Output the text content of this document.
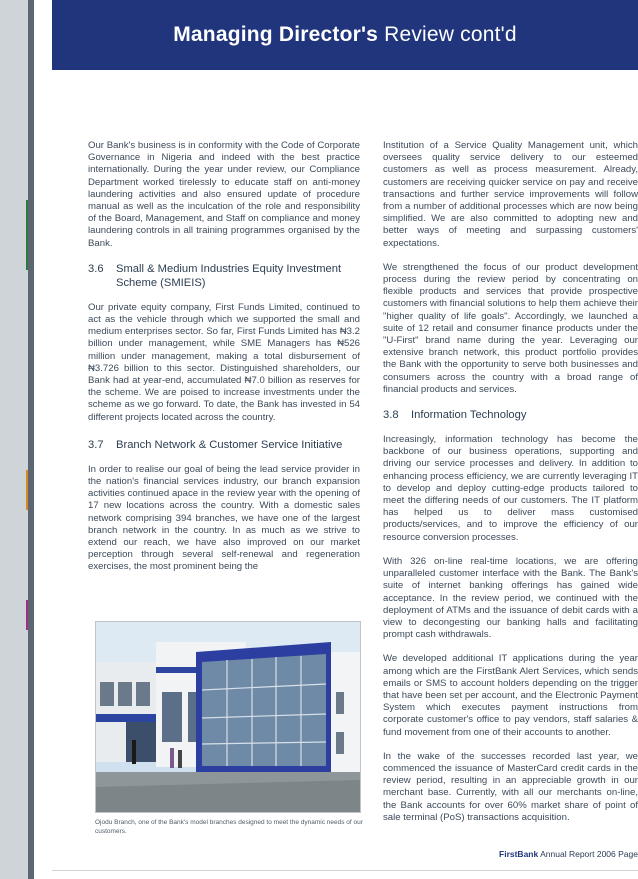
Managing Director's Review cont'd

Our Bank's business is in conformity with the Code of Corporate Governance in Nigeria and indeed with the best practice internationally. During the year under review, our Compliance Department worked tirelessly to educate staff on anti-money laundering activities and also ensured update of procedure manual as well as the inculcation of the role and responsibility of the Board, Management, and Staff on compliance and money laundering controls in all training programmes organised by the Bank.

3.6	Small & Medium Industries Equity Investment Scheme (SMIEIS)

Our private equity company, First Funds Limited, continued to act as the vehicle through which we supported the small and medium enterprises sector. So far, First Funds Limited has ₦3.2 billion under management, while SME Managers has ₦526 million under management, making a total disbursement of ₦3.726 billion to this sector. Distinguished shareholders, our Bank had at year-end, accumulated ₦7.0 billion as reserves for the scheme. We are poised to increase investments under the scheme as we go forward. To date, the Bank has invested in 54 different projects located across the country.

3.7	Branch Network & Customer Service Initiative

In order to realise our goal of being the lead service provider in the nation's financial services industry, our branch expansion activities continued apace in the review year with the opening of 17 new locations across the country. With a domestic sales network comprising 394 branches, we have one of the largest branch network in the country. In as much as we strive to extend our reach, we have also improved on our market perception through several self-renewal and regeneration exercises, the most prominent being the

Institution of a Service Quality Management unit, which oversees quality service delivery to our esteemed customers as well as process measurement. Already, customers are receiving quicker service on pay and receive transactions and further service improvements will follow from a number of additional processes which are now being simplified. We are also committed to adopting new and better ways of meeting and surpassing customers' expectations.

We strengthened the focus of our product development process during the review period by concentrating on flexible products and services that provide prospective customers with financial solutions to help them achieve their "higher quality of life goals". Accordingly, we launched a suite of 12 retail and consumer finance products under the "U-First" brand name during the year. Leveraging our extensive branch network, this product portfolio provides the Bank with the opportunity to serve both businesses and consumers across the country with a broad range of financial products and services.

3.8	Information Technology

Increasingly, information technology has become the backbone of our business operations, supporting and driving our service processes and delivery. In addition to enhancing process efficiency, we are currently leveraging IT to develop and deploy cutting-edge products tailored to meet the differing needs of our customers. The IT platform has helped us to deliver mass customised products/services, and to improve the efficiency of our resource conversion processes.

With 326 on-line real-time locations, we are offering unparalleled customer interface with the Bank. The Bank's suite of internet banking offerings has gained wide acceptance. In the review period, we continued with the deployment of ATMs and the issuance of debit cards with a view to decongesting our banking halls and facilitating prompt cash withdrawals.

We developed additional IT applications during the year among which are the FirstBank Alert Services, which sends emails or SMS to account holders depending on the trigger that have been set per account, and the Electronic Payment System which executes payment instructions from corporate customer's office to pay vendors, staff salaries & fund movement from one of their accounts to another.

In the wake of the successes recorded last year, we commenced the issuance of MasterCard credit cards in the review period, resulting in an appreciable growth in our merchant base. Currently, with all our merchants on-line, the Bank accounts for over 60% market share of point of sale terminal (PoS) transactions acquisition.

Ojodu Branch, one of the Bank's model branches designed to meet the dynamic needs of our customers.
FirstBank Annual Report 2006 Page
